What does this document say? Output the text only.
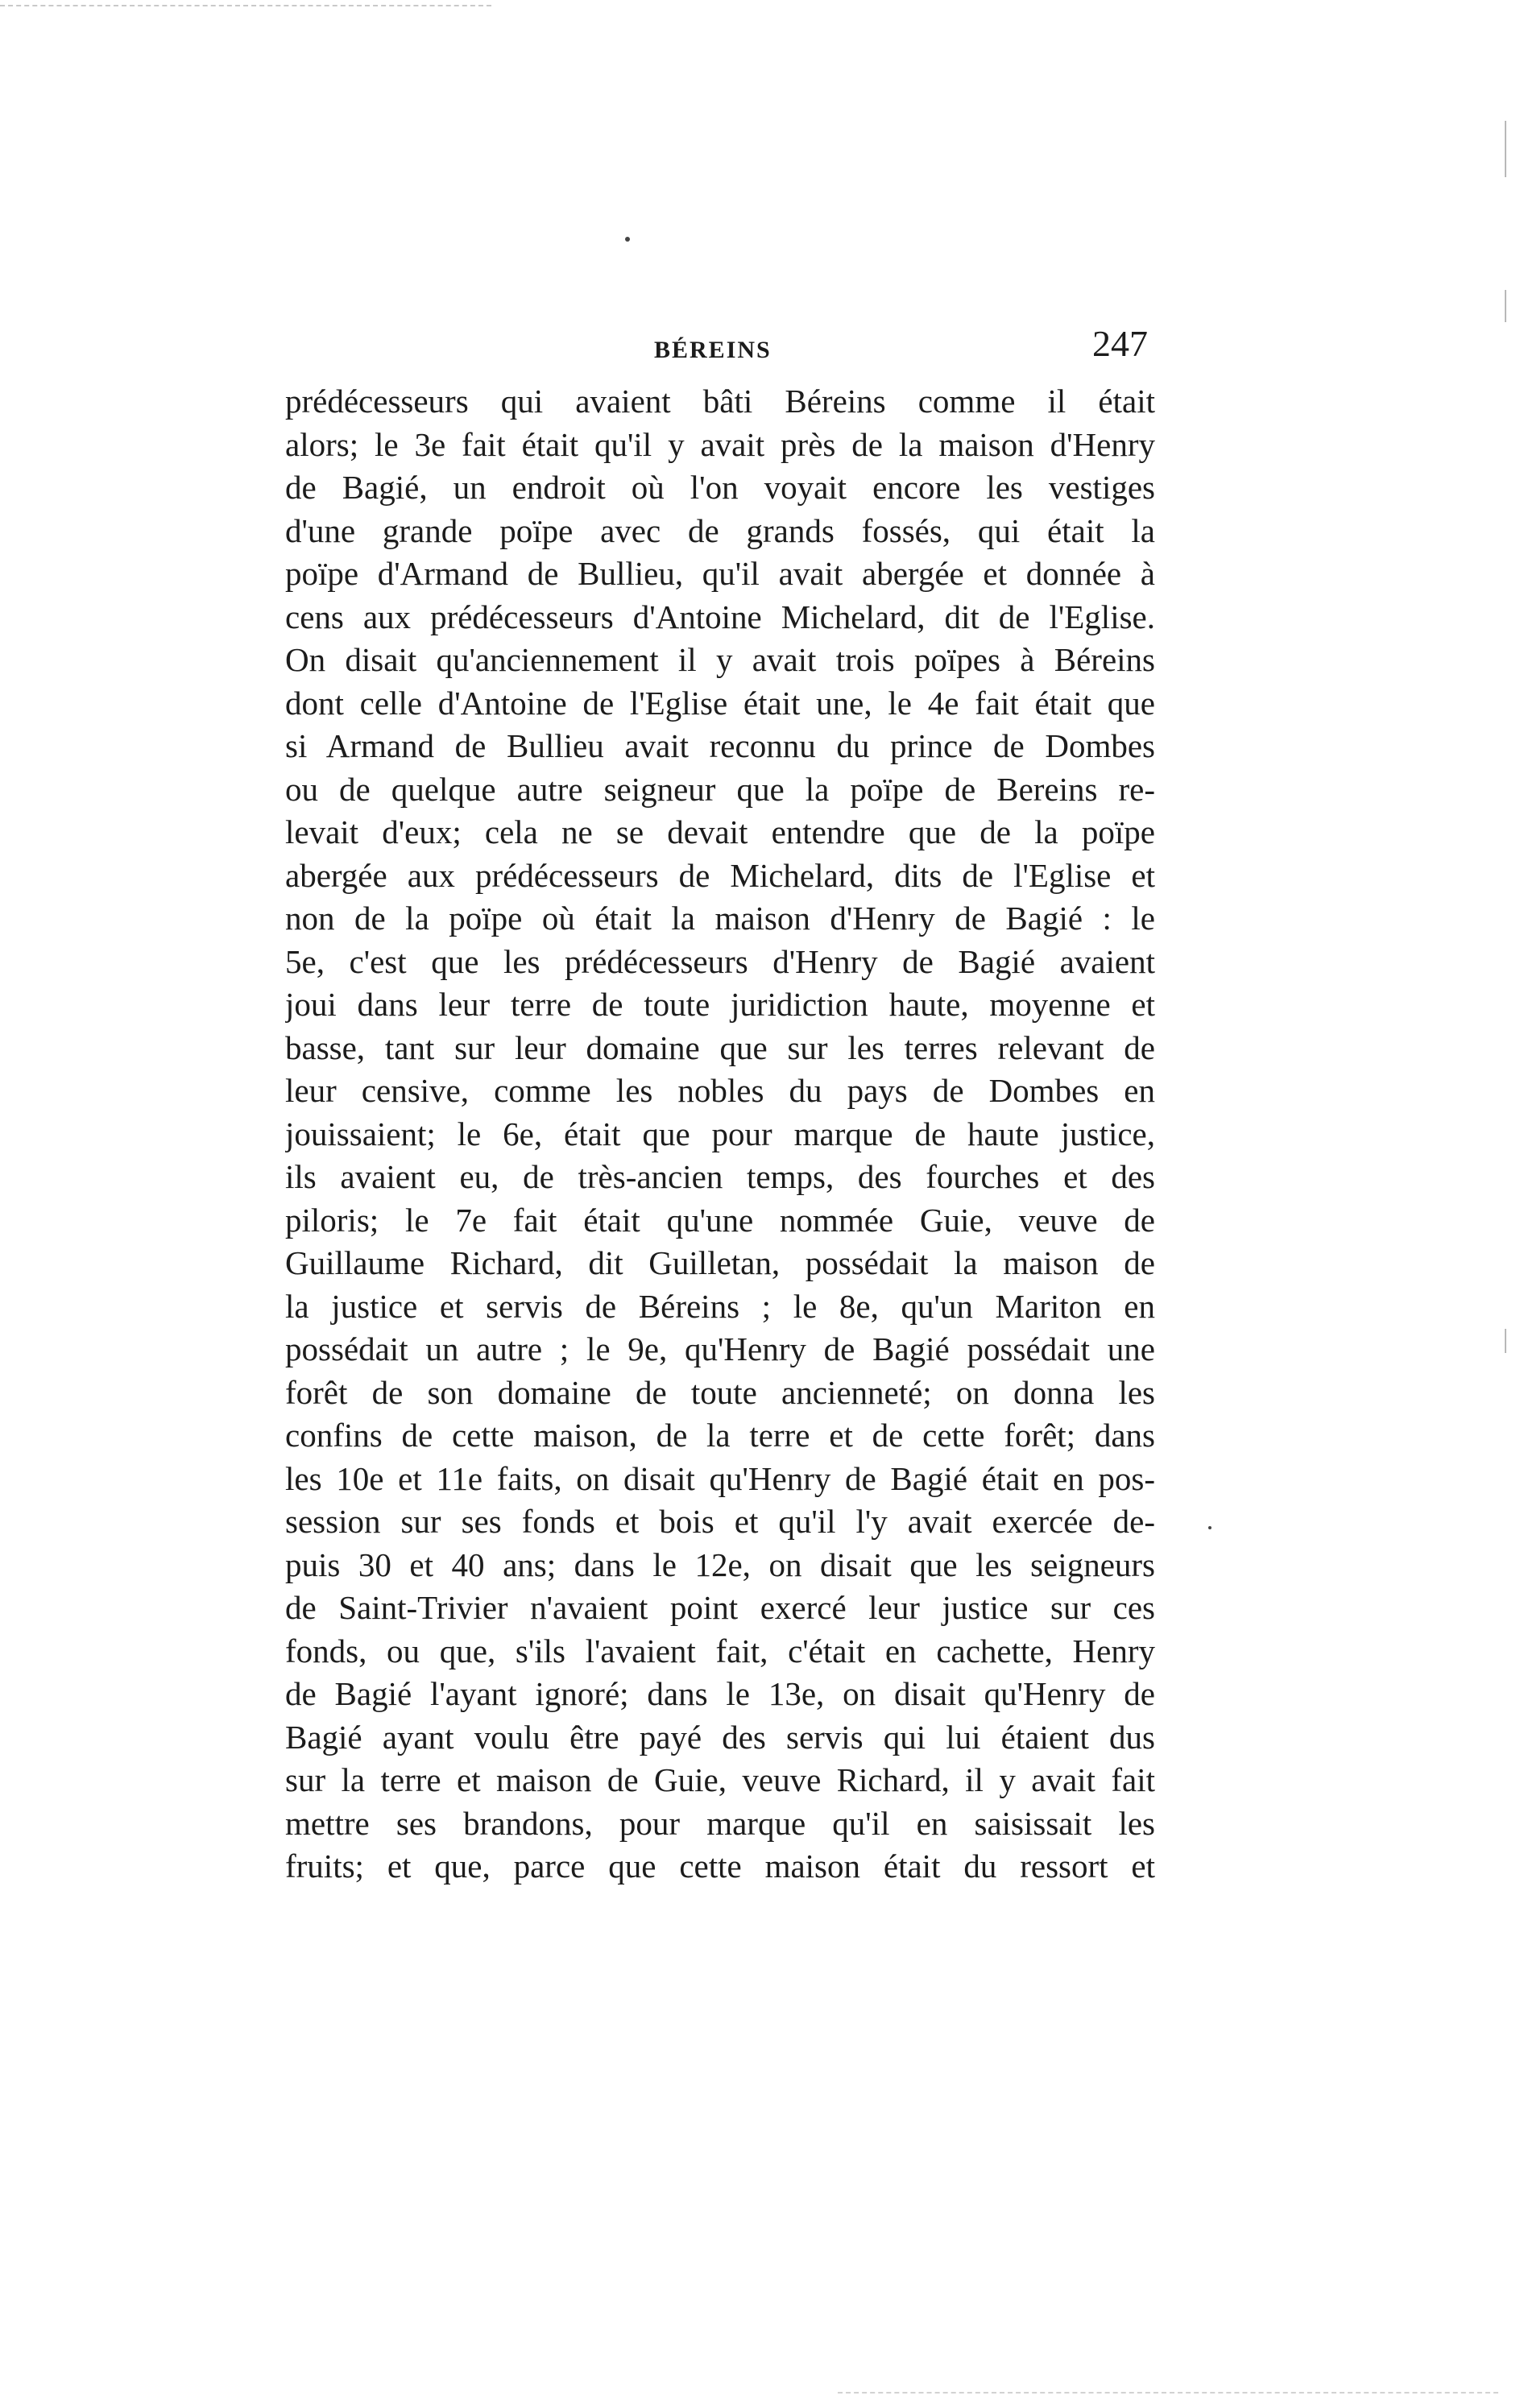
BÉREINS	247
prédécesseurs qui avaient bâti Béreins comme il était
alors; le 3e fait était qu'il y avait près de la maison d'Henry
de Bagié, un endroit où l'on voyait encore les vestiges
d'une grande poïpe avec de grands fossés, qui était la
poïpe d'Armand de Bullieu, qu'il avait abergée et donnée à
cens aux prédécesseurs d'Antoine Michelard, dit de l'Eglise.
On disait qu'anciennement il y avait trois poïpes à Béreins
dont celle d'Antoine de l'Eglise était une, le 4e fait était que
si Armand de Bullieu avait reconnu du prince de Dombes
ou de quelque autre seigneur que la poïpe de Bereins re-
levait d'eux; cela ne se devait entendre que de la poïpe
abergée aux prédécesseurs de Michelard, dits de l'Eglise et
non de la poïpe où était la maison d'Henry de Bagié : le
5e, c'est que les prédécesseurs d'Henry de Bagié avaient
joui dans leur terre de toute juridiction haute, moyenne et
basse, tant sur leur domaine que sur les terres relevant de
leur censive, comme les nobles du pays de Dombes en
jouissaient; le 6e, était que pour marque de haute justice,
ils avaient eu, de très-ancien temps, des fourches et des
piloris; le 7e fait était qu'une nommée Guie, veuve de
Guillaume Richard, dit Guilletan, possédait la maison de
la justice et servis de Béreins ; le 8e, qu'un Mariton en
possédait un autre ; le 9e, qu'Henry de Bagié possédait une
forêt de son domaine de toute ancienneté; on donna les
confins de cette maison, de la terre et de cette forêt; dans
les 10e et 11e faits, on disait qu'Henry de Bagié était en pos-
session sur ses fonds et bois et qu'il l'y avait exercée de-
puis 30 et 40 ans; dans le 12e, on disait que les seigneurs
de Saint-Trivier n'avaient point exercé leur justice sur ces
fonds, ou que, s'ils l'avaient fait, c'était en cachette, Henry
de Bagié l'ayant ignoré; dans le 13e, on disait qu'Henry de
Bagié ayant voulu être payé des servis qui lui étaient dus
sur la terre et maison de Guie, veuve Richard, il y avait fait
mettre ses brandons, pour marque qu'il en saisissait les
fruits; et que, parce que cette maison était du ressort et
